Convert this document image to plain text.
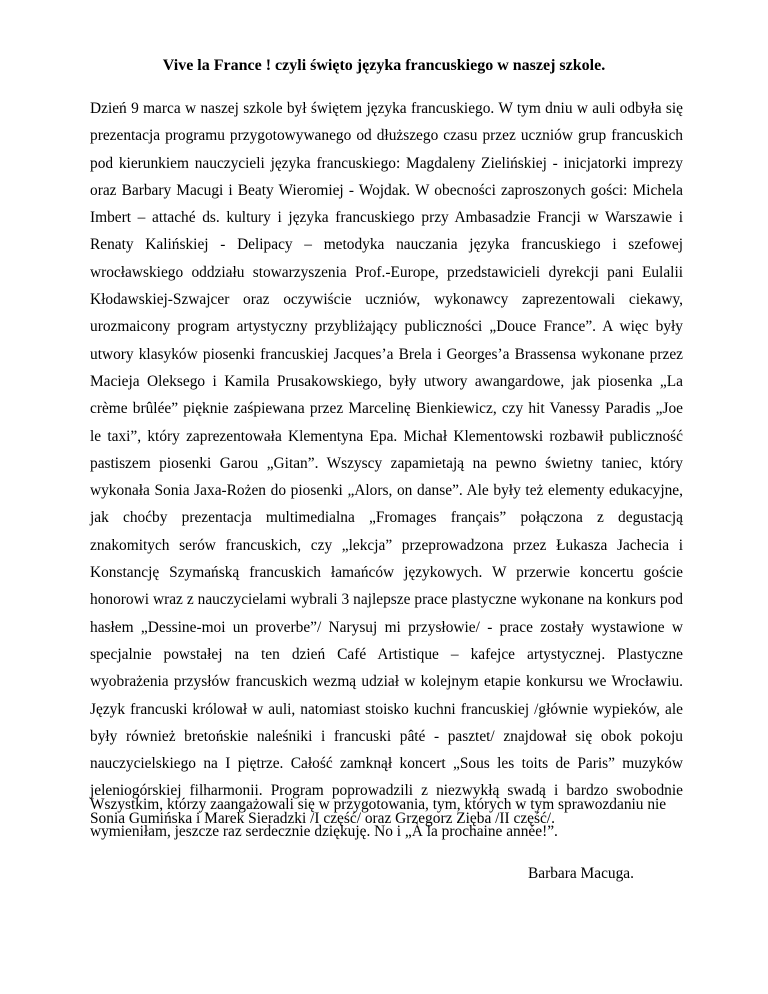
Vive la France ! czyli święto języka francuskiego w naszej szkole.

Dzień 9 marca w naszej szkole był świętem języka francuskiego. W tym dniu w auli odbyła się prezentacja programu przygotowywanego od dłuższego czasu przez uczniów grup francuskich pod kierunkiem nauczycieli języka francuskiego: Magdaleny Zielińskiej - inicjatorki imprezy oraz Barbary Macugi i Beaty Wieromiej - Wojdak. W obecności zaproszonych gości: Michela Imbert – attaché ds. kultury i języka francuskiego przy Ambasadzie Francji w Warszawie i Renaty Kalińskiej - Delipacy – metodyka nauczania języka francuskiego i szefowej wrocławskiego oddziału stowarzyszenia Prof.-Europe, przedstawicieli dyrekcji pani Eulalii Kłodawskiej-Szwajcer oraz oczywiście uczniów, wykonawcy zaprezentowali ciekawy, urozmaicony program artystyczny przybliżający publiczności „Douce France”. A więc były utwory klasyków piosenki francuskiej Jacques’a Brela i Georges’a Brassensa wykonane przez Macieja Oleksego i Kamila Prusakowskiego, były utwory awangardowe, jak piosenka „La crème brûlée” pięknie zaśpiewana przez Marcelinę Bienkiewicz, czy hit Vanessy Paradis „Joe le taxi”, który zaprezentowała Klementyna Epa. Michał Klementowski rozbawił publiczność pastiszem piosenki Garou „Gitan”. Wszyscy zapamietają na pewno świetny taniec, który wykonała Sonia Jaxa-Rożen do piosenki „Alors, on danse”. Ale były też elementy edukacyjne, jak choćby prezentacja multimedialna „Fromages français” połączona z degustacją znakomitych serów francuskich, czy „lekcja” przeprowadzona przez Łukasza Jachecia i Konstancję Szymańską francuskich łamańców językowych. W przerwie koncertu goście honorowi wraz z nauczycielami wybrali 3 najlepsze prace plastyczne wykonane na konkurs pod hasłem „Dessine-moi un proverbe”/ Narysuj mi przysłowie/ - prace zostały wystawione w specjalnie powstałej na ten dzień Café Artistique – kafejce artystycznej. Plastyczne wyobrażenia przysłów francuskich wezmą udział w kolejnym etapie konkursu we Wrocławiu. Język francuski królował w auli, natomiast stoisko kuchni francuskiej /głównie wypieków, ale były również bretońskie naleśniki i francuski pâté - pasztet/ znajdował się obok pokoju nauczycielskiego na I piętrze. Całość zamknął koncert „Sous les toits de Paris” muzyków jeleniogórskiej filharmonii. Program poprowadzili z niezwykłą swadą i bardzo swobodnie Sonia Gumińska i Marek Sieradzki /I część/ oraz Grzegorz Zięba /II część/.

Wszystkim, którzy zaangażowali się w przygotowania, tym, których w tym sprawozdaniu nie wymieniłam, jeszcze raz serdecznie dziękuję. No i „À la prochaine année!”.

Barbara Macuga.
